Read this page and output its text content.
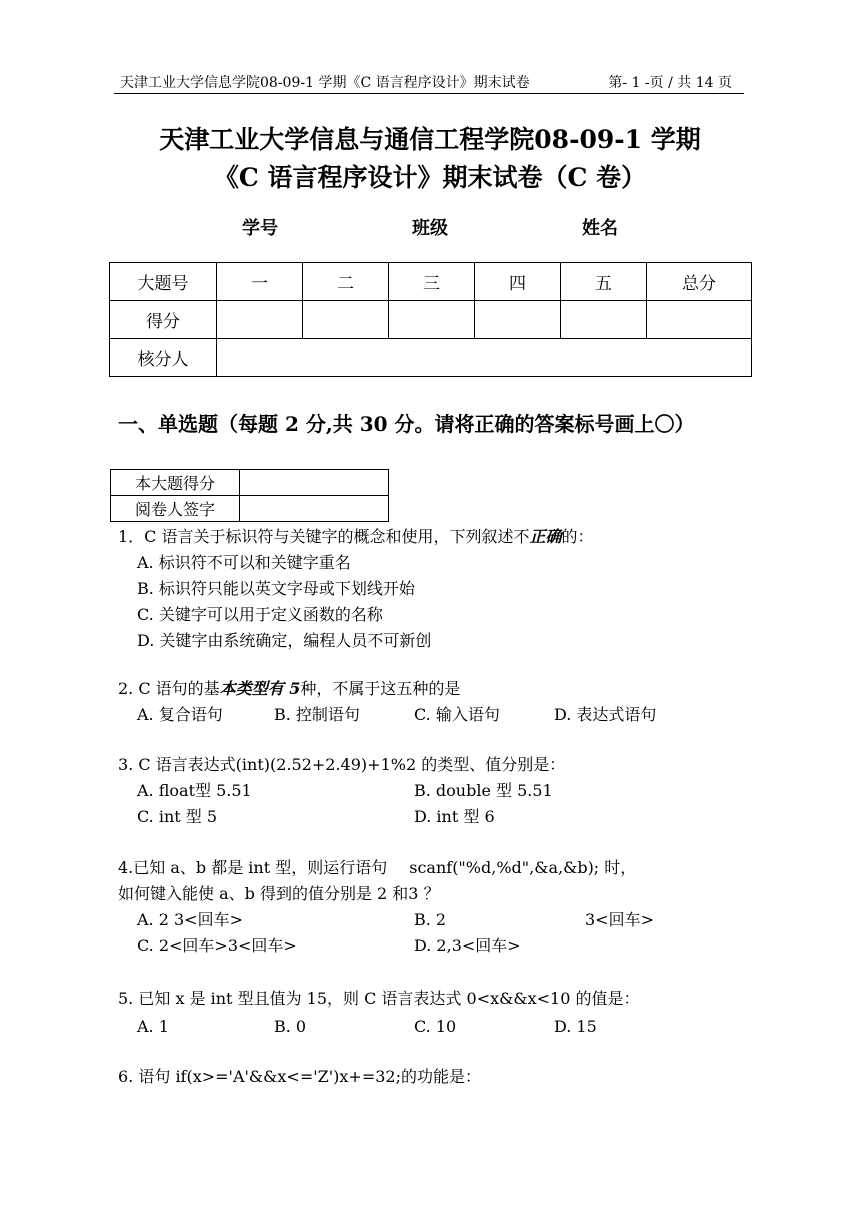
天津工业大学信息学院08-09-1 学期《C 语言程序设计》期末试卷	第- 1 -页 / 共 14 页
天津工业大学信息与通信工程学院08-09-1 学期
《C 语言程序设计》期末试卷（C 卷）
学号	班级	姓名
大题号	一	二	三	四	五	总分
得分						
核分人						
一、单选题（每题 2 分,共 30 分。请将正确的答案标号画上〇）
本大题得分	
阅卷人签字	
1．C 语言关于标识符与关键字的概念和使用，下列叙述不正确的：
A. 标识符不可以和关键字重名
B. 标识符只能以英文字母或下划线开始
C. 关键字可以用于定义函数的名称
D. 关键字由系统确定，编程人员不可新创
2. C 语句的基本类型有 5种，不属于这五种的是
A. 复合语句	B. 控制语句	C. 输入语句	D. 表达式语句
3. C 语言表达式(int)(2.52+2.49)+1%2 的类型、值分别是：
A. float型 5.51	B. double 型 5.51
C. int 型 5	D. int 型 6
4.已知 a、b 都是 int 型，则运行语句 scanf("%d,%d",&a,&b); 时，
如何键入能使 a、b 得到的值分别是 2 和3 ？
A. 2 3<回车>	B. 2	3<回车>
C. 2<回车>3<回车>	D. 2,3<回车>
5. 已知 x 是 int 型且值为 15，则 C 语言表达式 0<x&&x<10 的值是：
A. 1	B. 0	C. 10	D. 15
6. 语句 if(x>='A'&&x<='Z')x+=32;的功能是：
